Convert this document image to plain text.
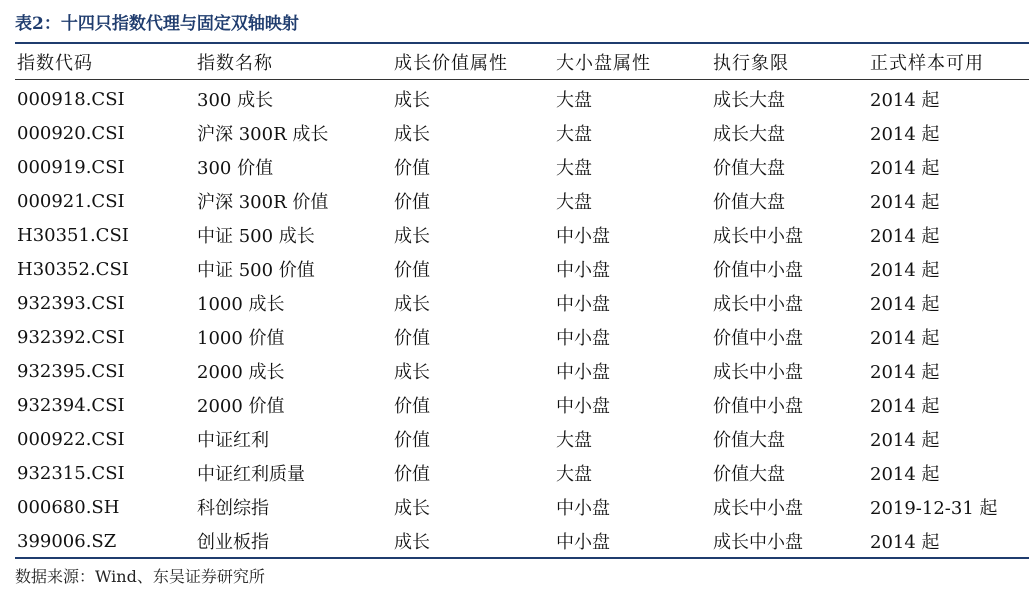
表2：十四只指数代理与固定双轴映射
指数代码	指数名称	成长价值属性	大小盘属性	执行象限	正式样本可用
000918.CSI	300 成长	成长	大盘	成长大盘	2014 起
000920.CSI	沪深 300R 成长	成长	大盘	成长大盘	2014 起
000919.CSI	300 价值	价值	大盘	价值大盘	2014 起
000921.CSI	沪深 300R 价值	价值	大盘	价值大盘	2014 起
H30351.CSI	中证 500 成长	成长	中小盘	成长中小盘	2014 起
H30352.CSI	中证 500 价值	价值	中小盘	价值中小盘	2014 起
932393.CSI	1000 成长	成长	中小盘	成长中小盘	2014 起
932392.CSI	1000 价值	价值	中小盘	价值中小盘	2014 起
932395.CSI	2000 成长	成长	中小盘	成长中小盘	2014 起
932394.CSI	2000 价值	价值	中小盘	价值中小盘	2014 起
000922.CSI	中证红利	价值	大盘	价值大盘	2014 起
932315.CSI	中证红利质量	价值	大盘	价值大盘	2014 起
000680.SH	科创综指	成长	中小盘	成长中小盘	2019-12-31 起
399006.SZ	创业板指	成长	中小盘	成长中小盘	2014 起
数据来源：Wind、东吴证券研究所
